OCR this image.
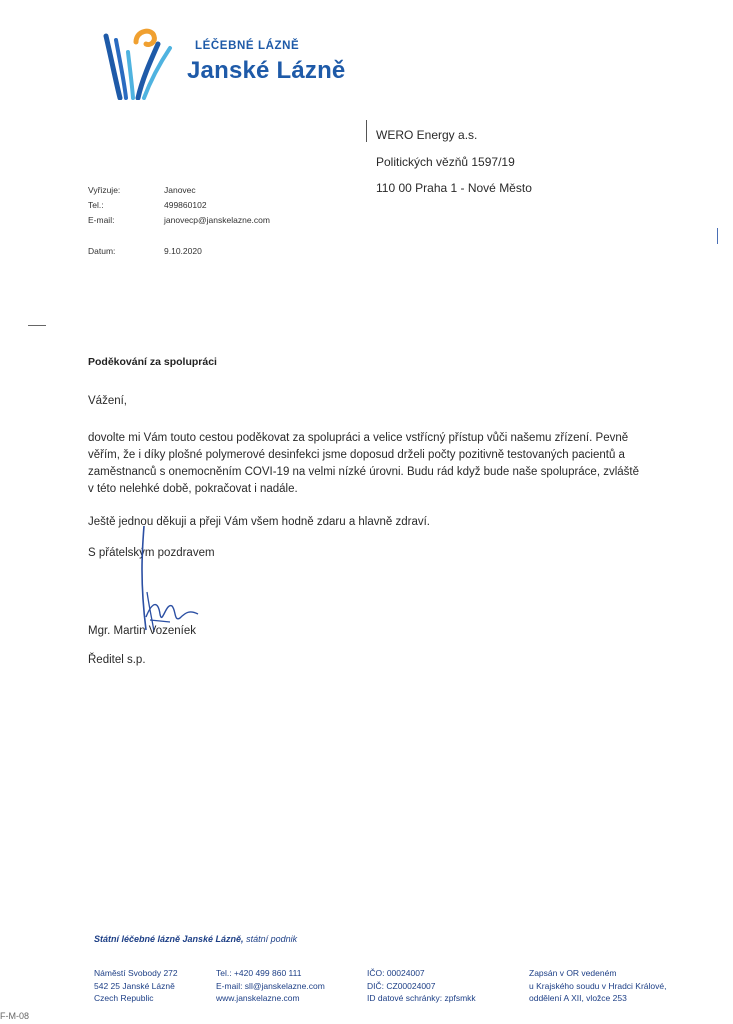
LÉČEBNÉ LÁZNĚ
Janské Lázně
WERO Energy a.s.
Politických vězňů 1597/19
110 00 Praha 1 - Nové Město
Vyřizuje:	Janovec
Tel.:	499860102
E-mail:	janovecp@janskelazne.com
Datum:	9.10.2020
Poděkování za spolupráci
Vážení,
dovolte mi Vám touto cestou poděkovat za spolupráci a velice vstřícný přístup vůči našemu zřízení. Pevně
věřím, že i díky plošné polymerové desinfekci jsme doposud drželi počty pozitivně testovaných pacientů a
zaměstnanců s onemocněním COVI-19 na velmi nízké úrovni. Budu rád když bude naše spolupráce, zvláště
v této nelehké době, pokračovat i nadále.
Ještě jednou děkuji a přeji Vám všem hodně zdaru a hlavně zdraví.
S přátelským pozdravem
Mgr. Martin Vozeníek
Ředitel s.p.
Státní léčebné lázně Janské Lázně, státní podnik
Náměstí Svobody 272
542 25 Janské Lázně
Czech Republic
Tel.: +420 499 860 111
E-mail: sll@janskelazne.com
www.janskelazne.com
IČO: 00024007
DIČ: CZ00024007
ID datové schránky: zpfsmkk
Zapsán v OR vedeném
u Krajského soudu v Hradci Králové,
oddělení A XII, vložce 253
F-M-08
